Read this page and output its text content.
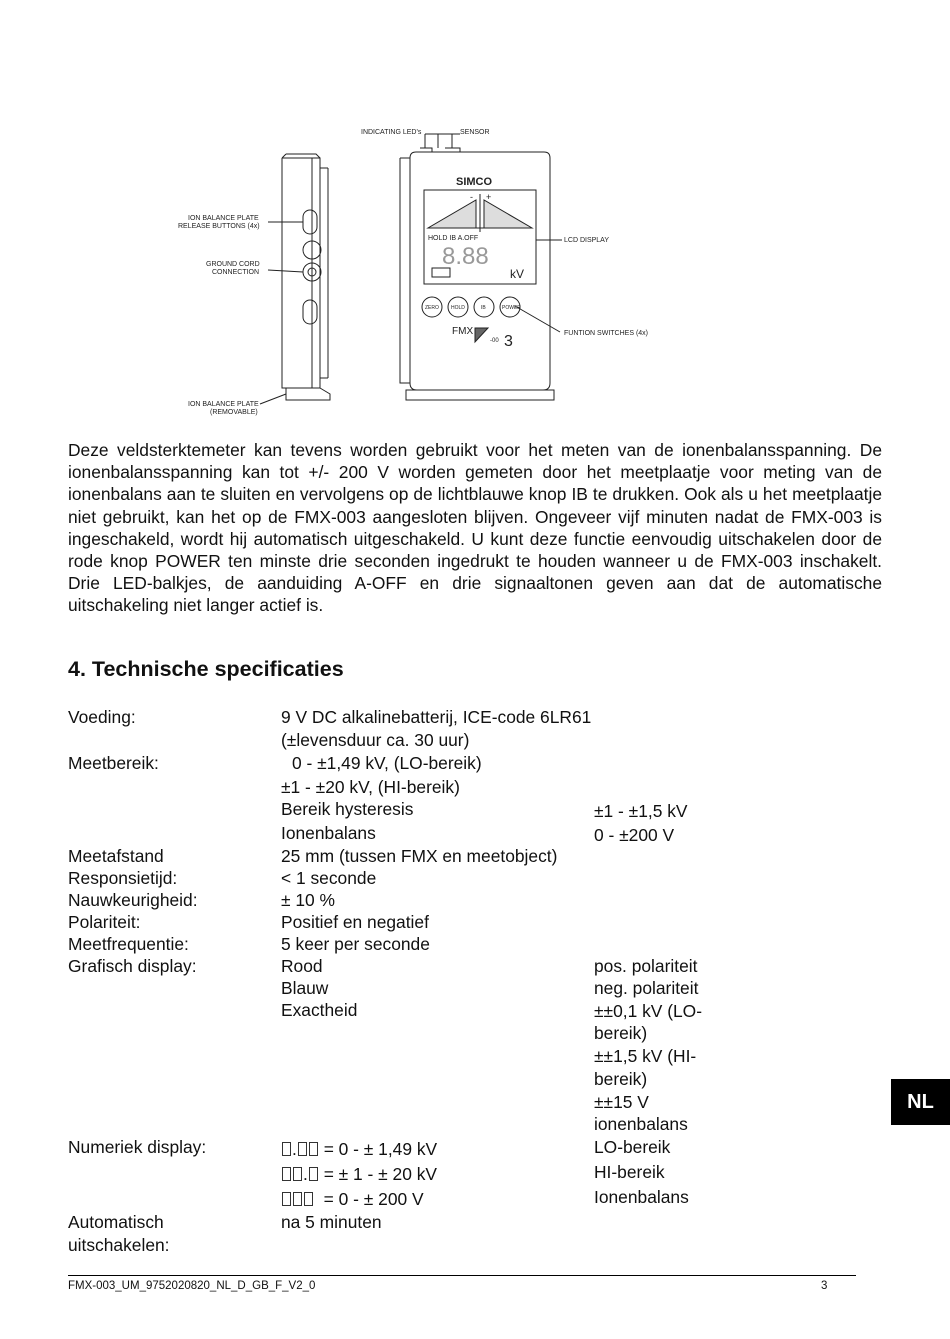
INDICATING LED's	SENSOR
ION BALANCE PLATE
RELEASE BUTTONS (4x)
GROUND CORD
CONNECTION
LCD DISPLAY
FUNTION SWITCHES (4x)
ION BALANCE PLATE
(REMOVABLE)
SIMCO
- +
HOLD IB A.OFF
8.88
kV
ZERO HOLD	IB	POWER
FMX
-00 3

Deze veldsterktemeter kan tevens worden gebruikt voor het meten van de ionenbalansspanning. De ionenbalansspanning kan tot +/- 200 V worden gemeten door het meetplaatje voor meting van de ionenbalans aan te sluiten en vervolgens op de lichtblauwe knop IB te drukken. Ook als u het meetplaatje niet gebruikt, kan het op de FMX-003 aangesloten blijven. Ongeveer vijf minuten nadat de FMX-003 is ingeschakeld, wordt hij automatisch uitgeschakeld. U kunt deze functie eenvoudig uitschakelen door de rode knop POWER ten minste drie seconden ingedrukt te houden wanneer u de FMX-003 inschakelt. Drie LED-balkjes, de aanduiding A-OFF en drie signaaltonen geven aan dat de automatische uitschakeling niet langer actief is.

4. Technische specificaties
Voeding:	9 V DC alkalinebatterij, ICE-code 6LR61
(±levensduur ca. 30 uur)
Meetbereik:	0 - ±1,49 kV, (LO-bereik)
±1 - ±20 kV, (HI-bereik)
Bereik hysteresis	±1 - ±1,5 kV
Ionenbalans	0 - ±200 V
Meetafstand	25 mm (tussen FMX en meetobject)
Responsietijd:	< 1 seconde
Nauwkeurigheid:	± 10 %
Polariteit:	Positief en negatief
Meetfrequentie:	5 keer per seconde
Grafisch display:	Rood	pos. polariteit
Blauw	neg. polariteit
Exactheid	±±0,1 kV (LO-
bereik)
±±1,5 kV (HI-
bereik)
±±15 V
ionenbalans
Numeriek display:	. = 0 - ± 1,49 kV	LO-bereik
. = ± 1 - ± 20 kV	HI-bereik
= 0 - ± 200 V	Ionenbalans
Automatisch
uitschakelen:
na 5 minuten
NL
FMX-003_UM_9752020820_NL_D_GB_F_V2_0	3
